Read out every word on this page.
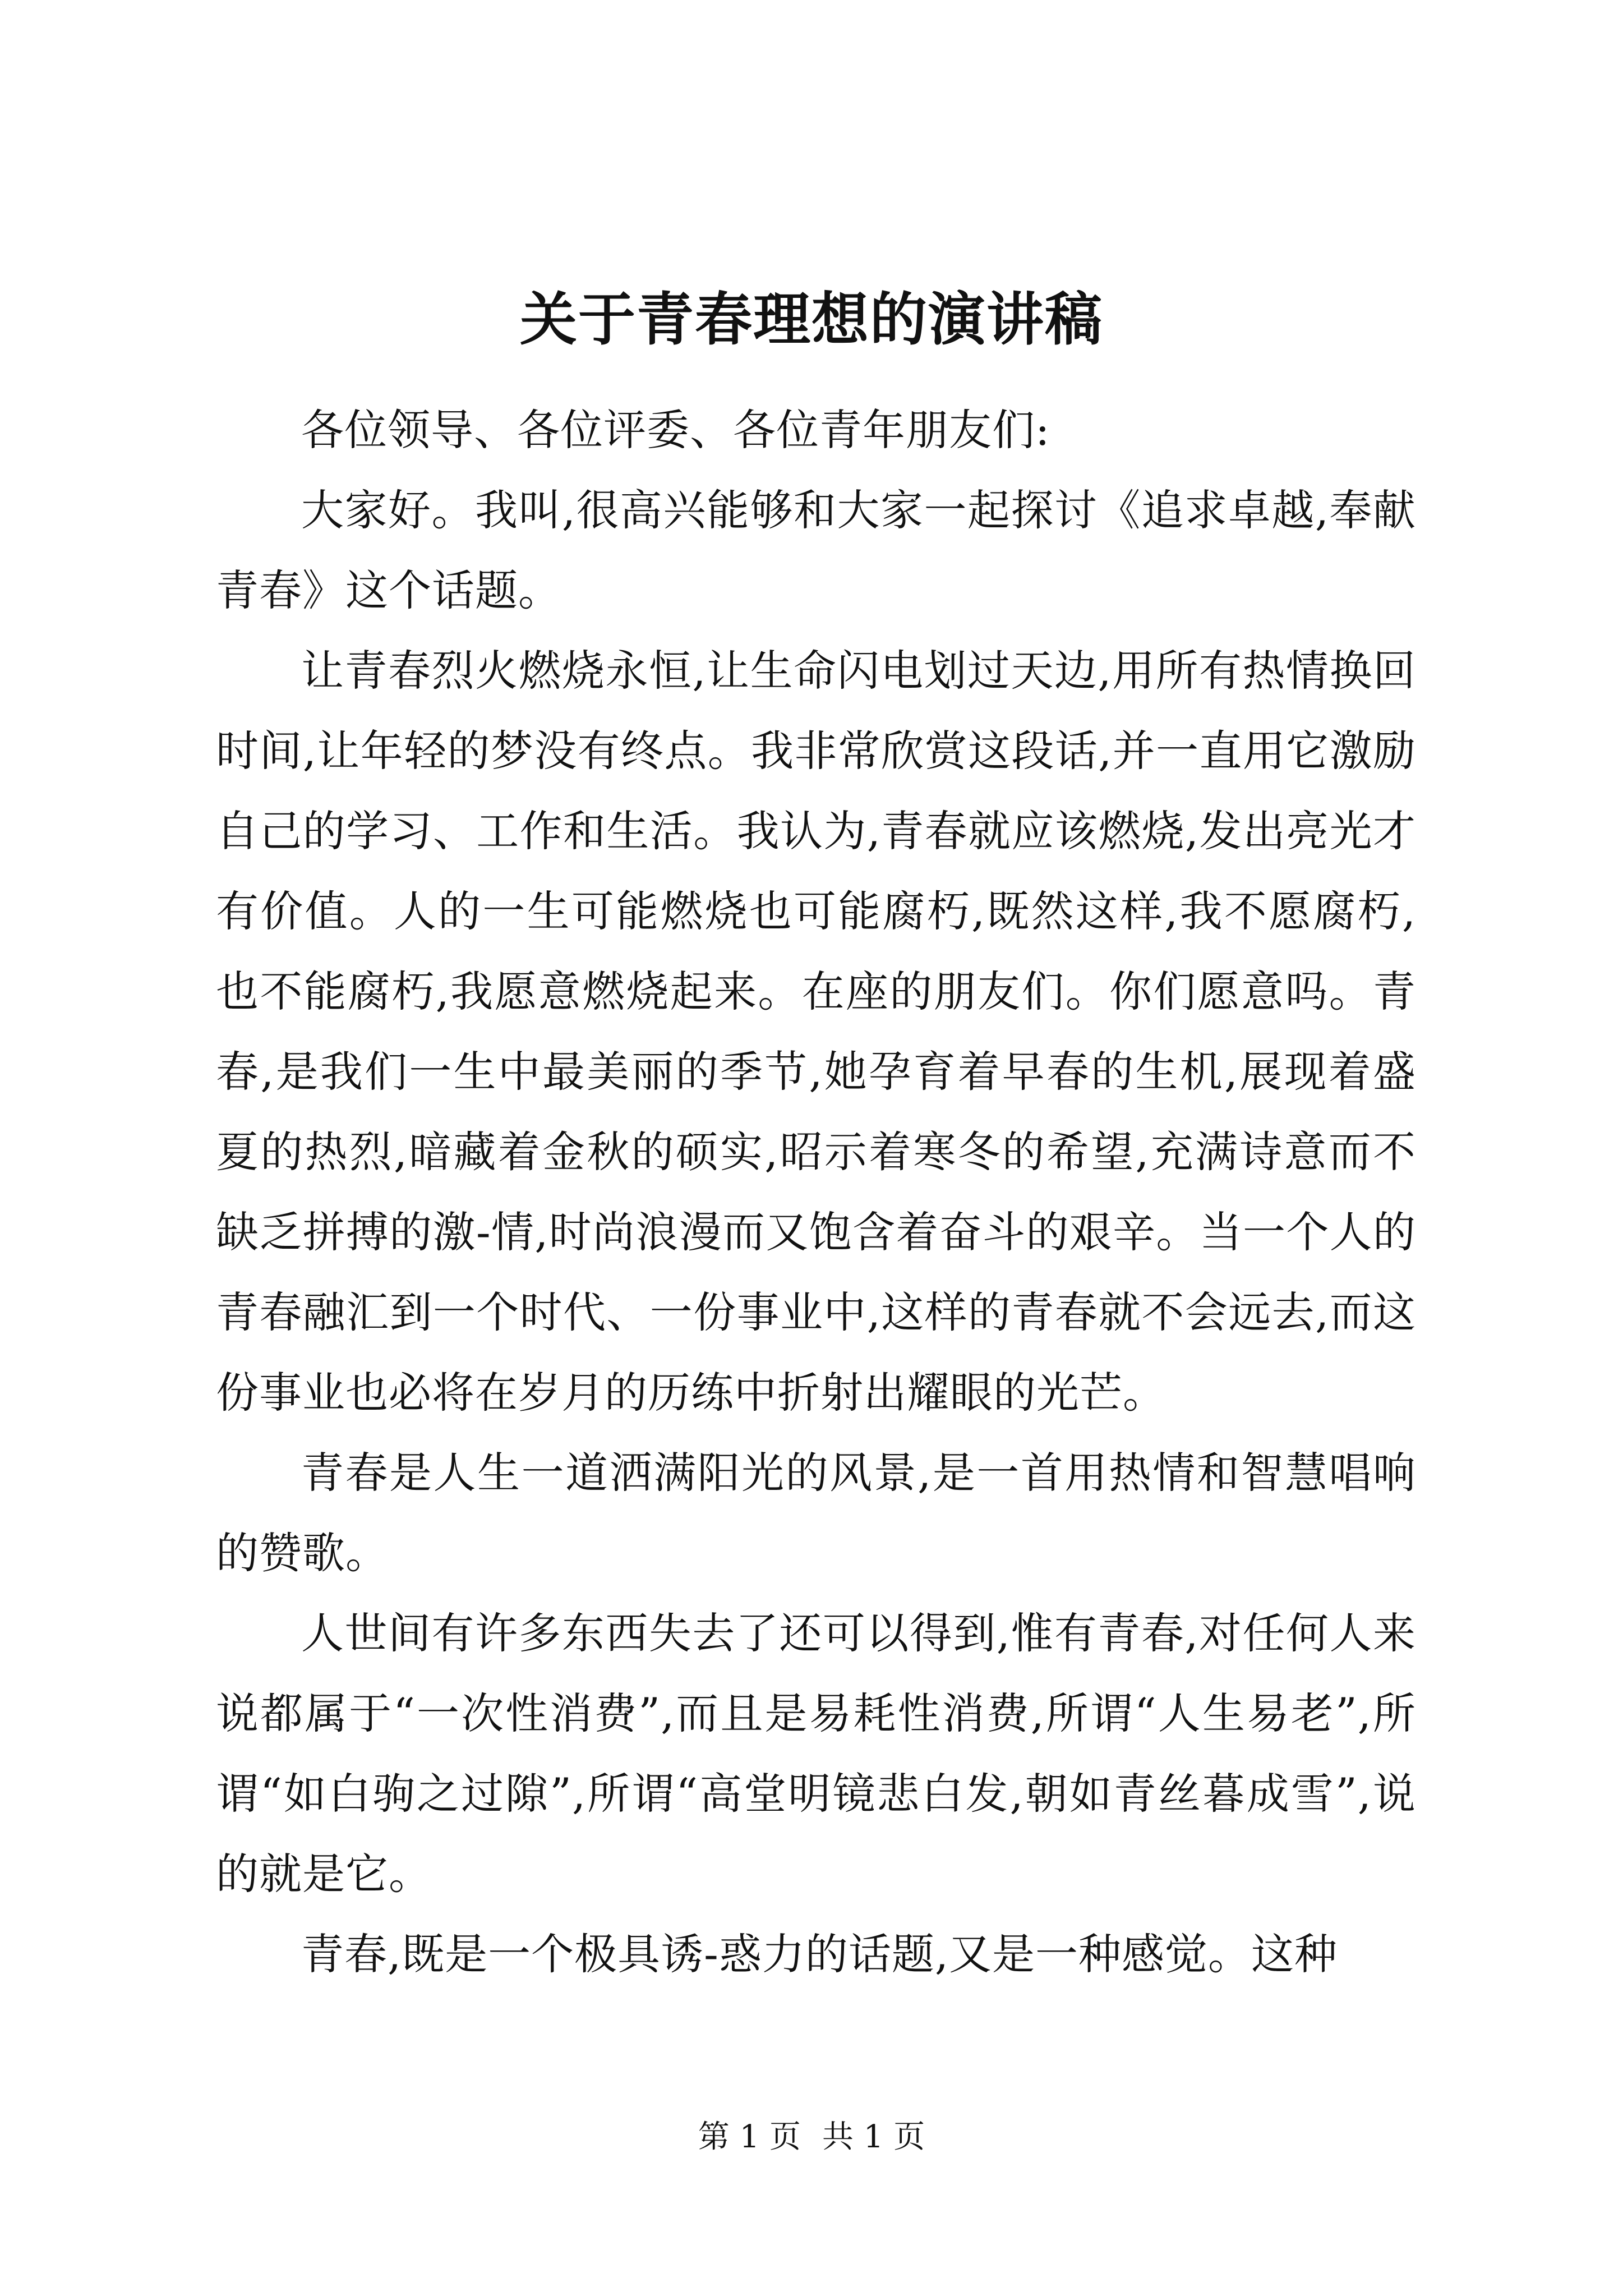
关于青春理想的演讲稿

各位领导、各位评委、各位青年朋友们:

大家好。我叫,很高兴能够和大家一起探讨《追求卓越,奉献青春》这个话题。

让青春烈火燃烧永恒,让生命闪电划过天边,用所有热情换回时间,让年轻的梦没有终点。我非常欣赏这段话,并一直用它激励自己的学习、工作和生活。我认为,青春就应该燃烧,发出亮光才有价值。人的一生可能燃烧也可能腐朽,既然这样,我不愿腐朽,也不能腐朽,我愿意燃烧起来。在座的朋友们。你们愿意吗。青春,是我们一生中最美丽的季节,她孕育着早春的生机,展现着盛夏的热烈,暗藏着金秋的硕实,昭示着寒冬的希望,充满诗意而不缺乏拼搏的激-情,时尚浪漫而又饱含着奋斗的艰辛。当一个人的青春融汇到一个时代、一份事业中,这样的青春就不会远去,而这份事业也必将在岁月的历练中折射出耀眼的光芒。

青春是人生一道洒满阳光的风景,是一首用热情和智慧唱响的赞歌。

人世间有许多东西失去了还可以得到,惟有青春,对任何人来说都属于“一次性消费”,而且是易耗性消费,所谓“人生易老”,所谓“如白驹之过隙”,所谓“高堂明镜悲白发,朝如青丝暮成雪”,说的就是它。

青春,既是一个极具诱-惑力的话题,又是一种感觉。这种

第 1 页 共 1 页
